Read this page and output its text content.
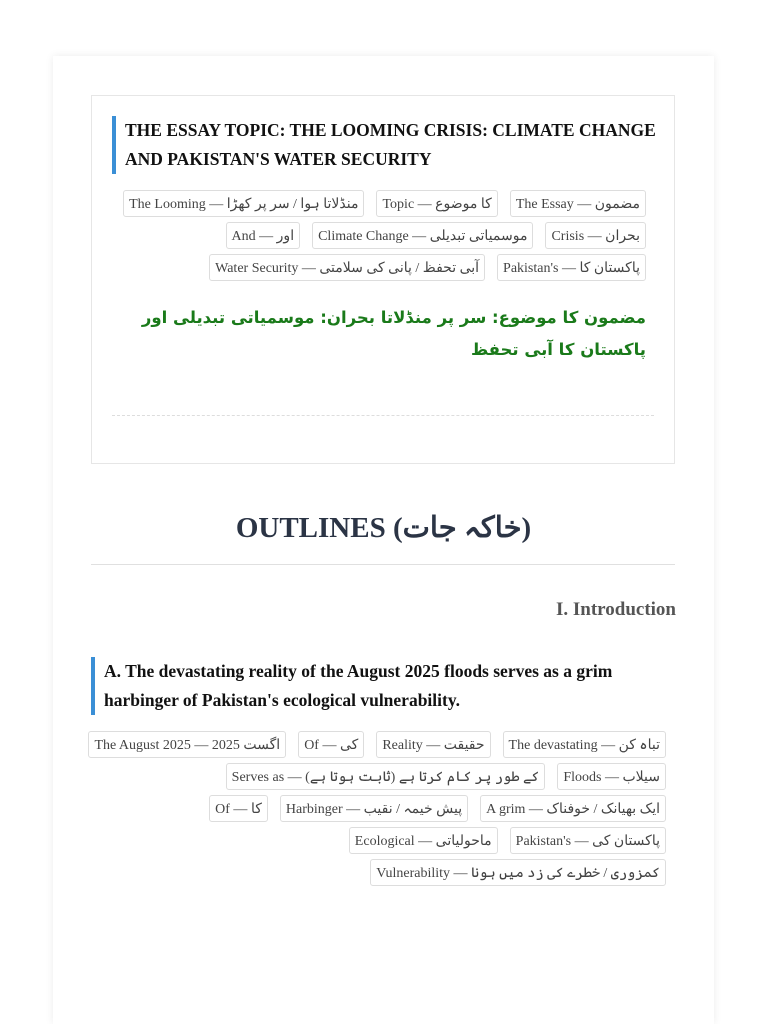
THE ESSAY TOPIC: THE LOOMING CRISIS: CLIMATE CHANGE AND PAKISTAN'S WATER SECURITY
The Essay — مضمون
Topic — کا موضوع
The Looming — منڈلاتا ہوا / سر پر کھڑا
Crisis — بحران
Climate Change — موسمیاتی تبدیلی
And — اور
Pakistan's — پاکستان کا
Water Security — آبی تحفظ / پانی کی سلامتی
مضمون کا موضوع: سر پر منڈلاتا بحران: موسمیاتی تبدیلی اور پاکستان کا آبی تحفظ
OUTLINES (خاکہ جات)
I. Introduction
A. The devastating reality of the August 2025 floods serves as a grim harbinger of Pakistan's ecological vulnerability.
The devastating — تباہ کن
Reality — حقیقت
Of — کی
The August 2025 — اگست 2025
Floods — سیلاب
Serves as — کے طور پر کام کرتا ہے (ثابت ہوتا ہے)
A grim — ایک بھیانک / خوفناک
Harbinger — پیش خیمہ / نقیب
Of — کا
Pakistan's — پاکستان کی
Ecological — ماحولیاتی
Vulnerability — کمزوری / خطرے کی زد میں ہونا
